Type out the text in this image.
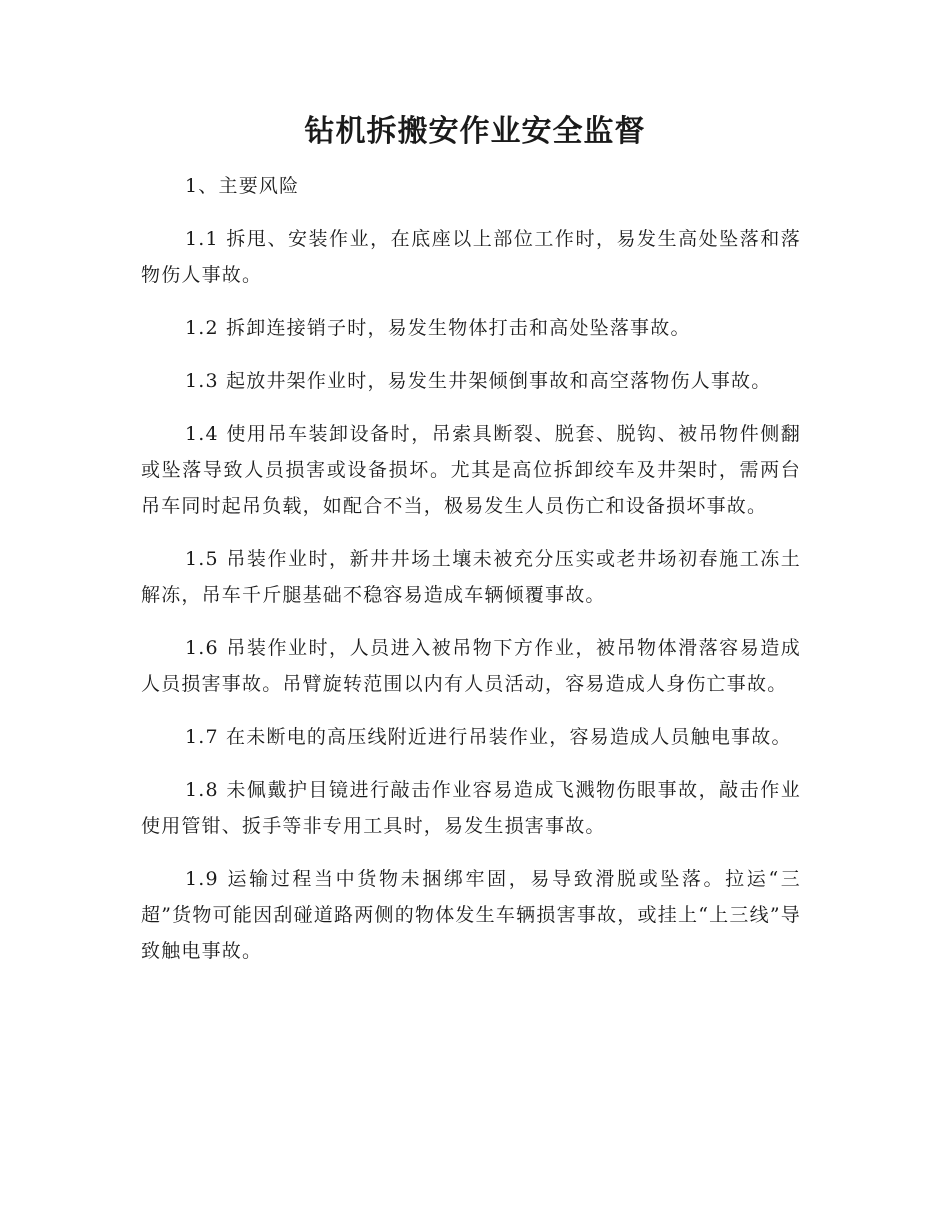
钻机拆搬安作业安全监督

1、主要风险

1.1 拆甩、安装作业，在底座以上部位工作时，易发生高处坠落和落物伤人事故。

1.2 拆卸连接销子时，易发生物体打击和高处坠落事故。

1.3 起放井架作业时，易发生井架倾倒事故和高空落物伤人事故。

1.4 使用吊车装卸设备时，吊索具断裂、脱套、脱钩、被吊物件侧翻或坠落导致人员损害或设备损坏。尤其是高位拆卸绞车及井架时，需两台吊车同时起吊负载，如配合不当，极易发生人员伤亡和设备损坏事故。

1.5 吊装作业时，新井井场土壤未被充分压实或老井场初春施工冻土解冻，吊车千斤腿基础不稳容易造成车辆倾覆事故。

1.6 吊装作业时，人员进入被吊物下方作业，被吊物体滑落容易造成人员损害事故。吊臂旋转范围以内有人员活动，容易造成人身伤亡事故。

1.7 在未断电的高压线附近进行吊装作业，容易造成人员触电事故。

1.8 未佩戴护目镜进行敲击作业容易造成飞溅物伤眼事故，敲击作业使用管钳、扳手等非专用工具时，易发生损害事故。

1.9 运输过程当中货物未捆绑牢固，易导致滑脱或坠落。拉运“三超”货物可能因刮碰道路两侧的物体发生车辆损害事故，或挂上“上三线”导致触电事故。
